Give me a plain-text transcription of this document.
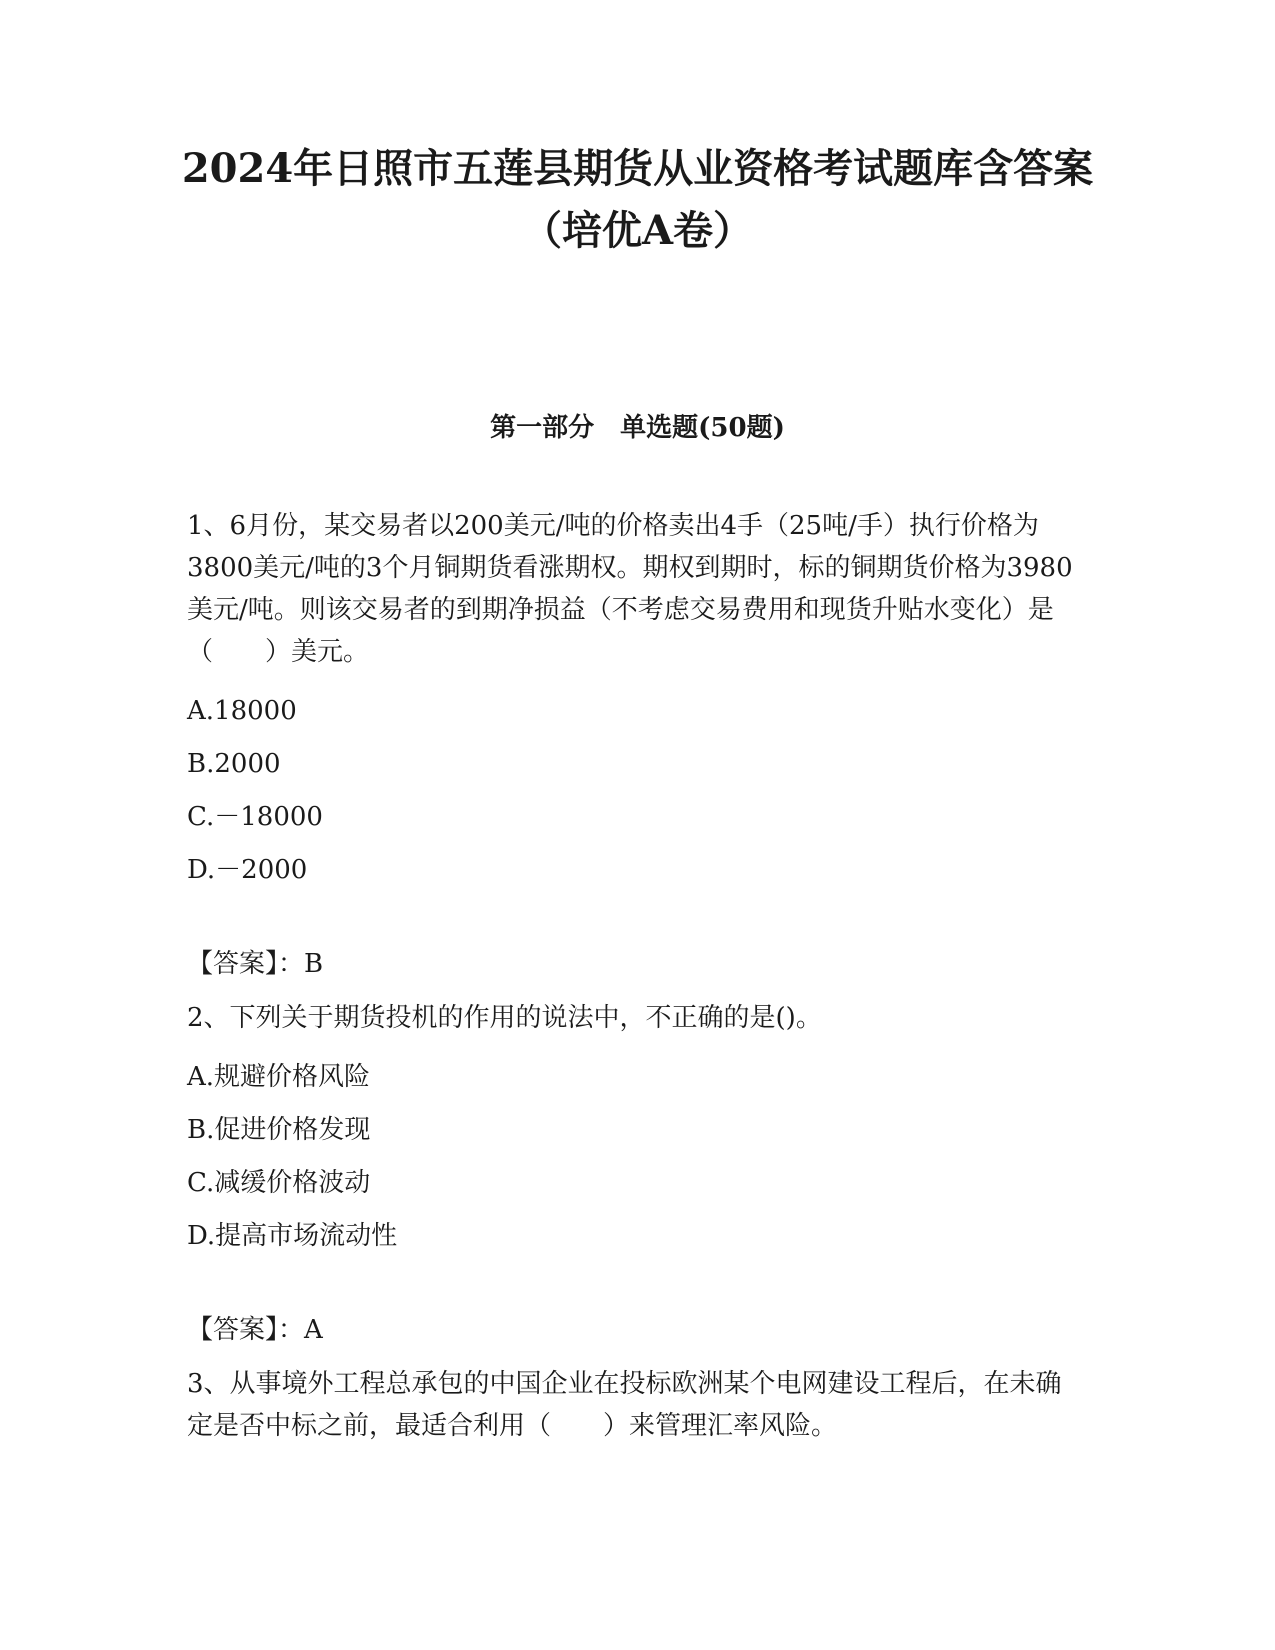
2024年日照市五莲县期货从业资格考试题库含答案（培优A卷）
第一部分　单选题(50题)

1、6月份，某交易者以200美元/吨的价格卖出4手（25吨/手）执行价格为3800美元/吨的3个月铜期货看涨期权。期权到期时，标的铜期货价格为3980美元/吨。则该交易者的到期净损益（不考虑交易费用和现货升贴水变化）是（　　）美元。

A.18000

B.2000

C.－18000

D.－2000

【答案】：B

2、下列关于期货投机的作用的说法中，不正确的是()。

A.规避价格风险

B.促进价格发现

C.减缓价格波动

D.提高市场流动性

【答案】：A

3、从事境外工程总承包的中国企业在投标欧洲某个电网建设工程后，在未确定是否中标之前，最适合利用（　　）来管理汇率风险。
